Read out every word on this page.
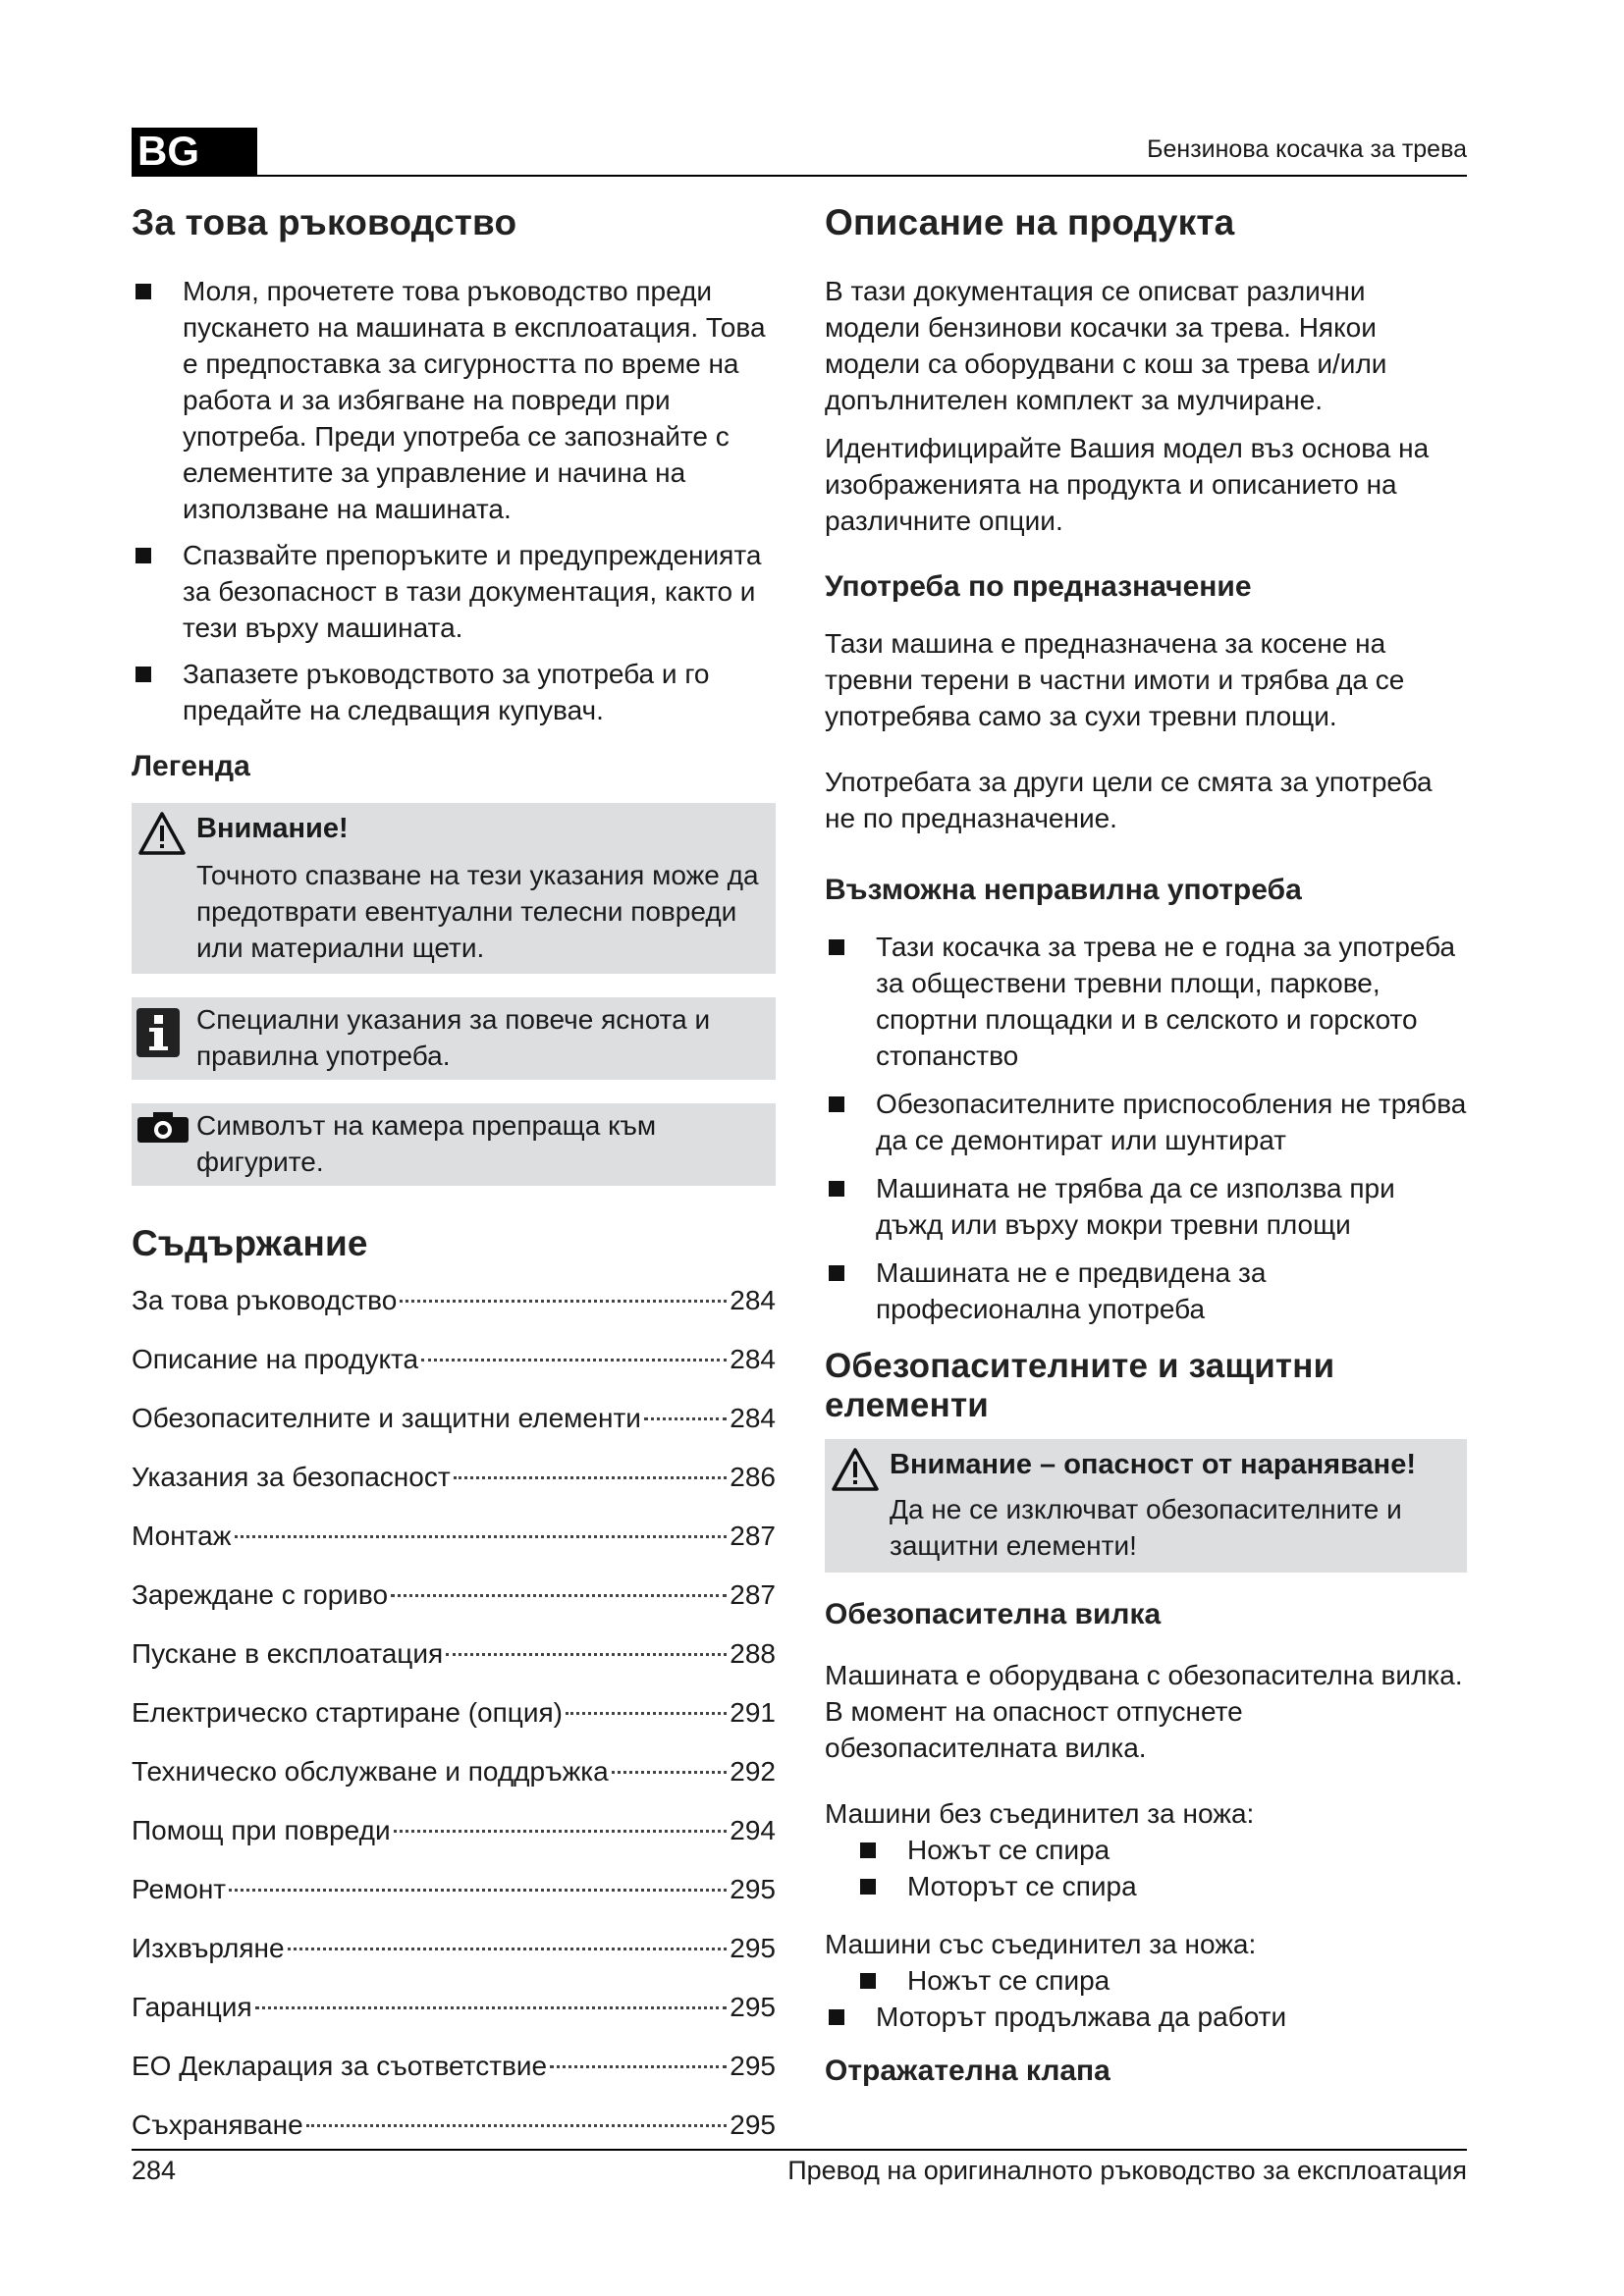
BG	Бензинова косачка за трева
За това ръководство
Моля, прочетете това ръководство преди пускането на машината в експлоатация. Това е предпоставка за сигурността по време на работа и за избягване на повреди при употреба. Преди употреба се запознайте с елементите за управление и начина на използване на машината.
Спазвайте препоръките и предупрежденията за безопасност в тази документация, както и тези върху машината.
Запазете ръководството за употреба и го предайте на следващия купувач.
Легенда
Внимание!
Точното спазване на тези указания може да предотврати евентуални телесни повреди или материални щети.
Специални указания за повече яснота и правилна употреба.
Символът на камера препраща към фигурите.
Съдържание
За това ръководство	284
Описание на продукта	284
Обезопасителните и защитни елементи	284
Указания за безопасност	286
Монтаж	287
Зареждане с гориво	287
Пускане в експлоатация	288
Електрическо стартиране (опция)	291
Техническо обслужване и поддръжка	292
Помощ при повреди	294
Ремонт	295
Изхвърляне	295
Гаранция	295
ЕО Декларация за съответствие	295
Съхраняване	295
Описание на продукта

В тази документация се описват различни модели бензинови косачки за трева. Някои модели са оборудвани с кош за трева и/или допълнителен комплект за мулчиране.

Идентифицирайте Вашия модел въз основа на изображенията на продукта и описанието на различните опции.

Употреба по предназначение

Тази машина е предназначена за косене на тревни терени в частни имоти и трябва да се употребява само за сухи тревни площи.

Употребата за други цели се смята за употреба не по предназначение.

Възможна неправилна употреба
Тази косачка за трева не е годна за употреба за обществени тревни площи, паркове, спортни площадки и в селското и горското стопанство
Обезопасителните приспособления не трябва да се демонтират или шунтират
Машината не трябва да се използва при дъжд или върху мокри тревни площи
Машината не е предвидена за професионална употреба
Обезопасителните и защитни елементи
Внимание – опасност от нараняване!
Да не се изключват обезопасителните и защитни елементи!
Обезопасителна вилка

Машината е оборудвана с обезопасителна вилка. В момент на опасност отпуснете обезопасителната вилка.

Машини без съединител за ножа:

Ножът се спира
Моторът се спира

Машини със съединител за ножа:

Ножът се спира
Моторът продължава да работи
Отражателна клапа
284	Превод на оригиналното ръководство за експлоатация
